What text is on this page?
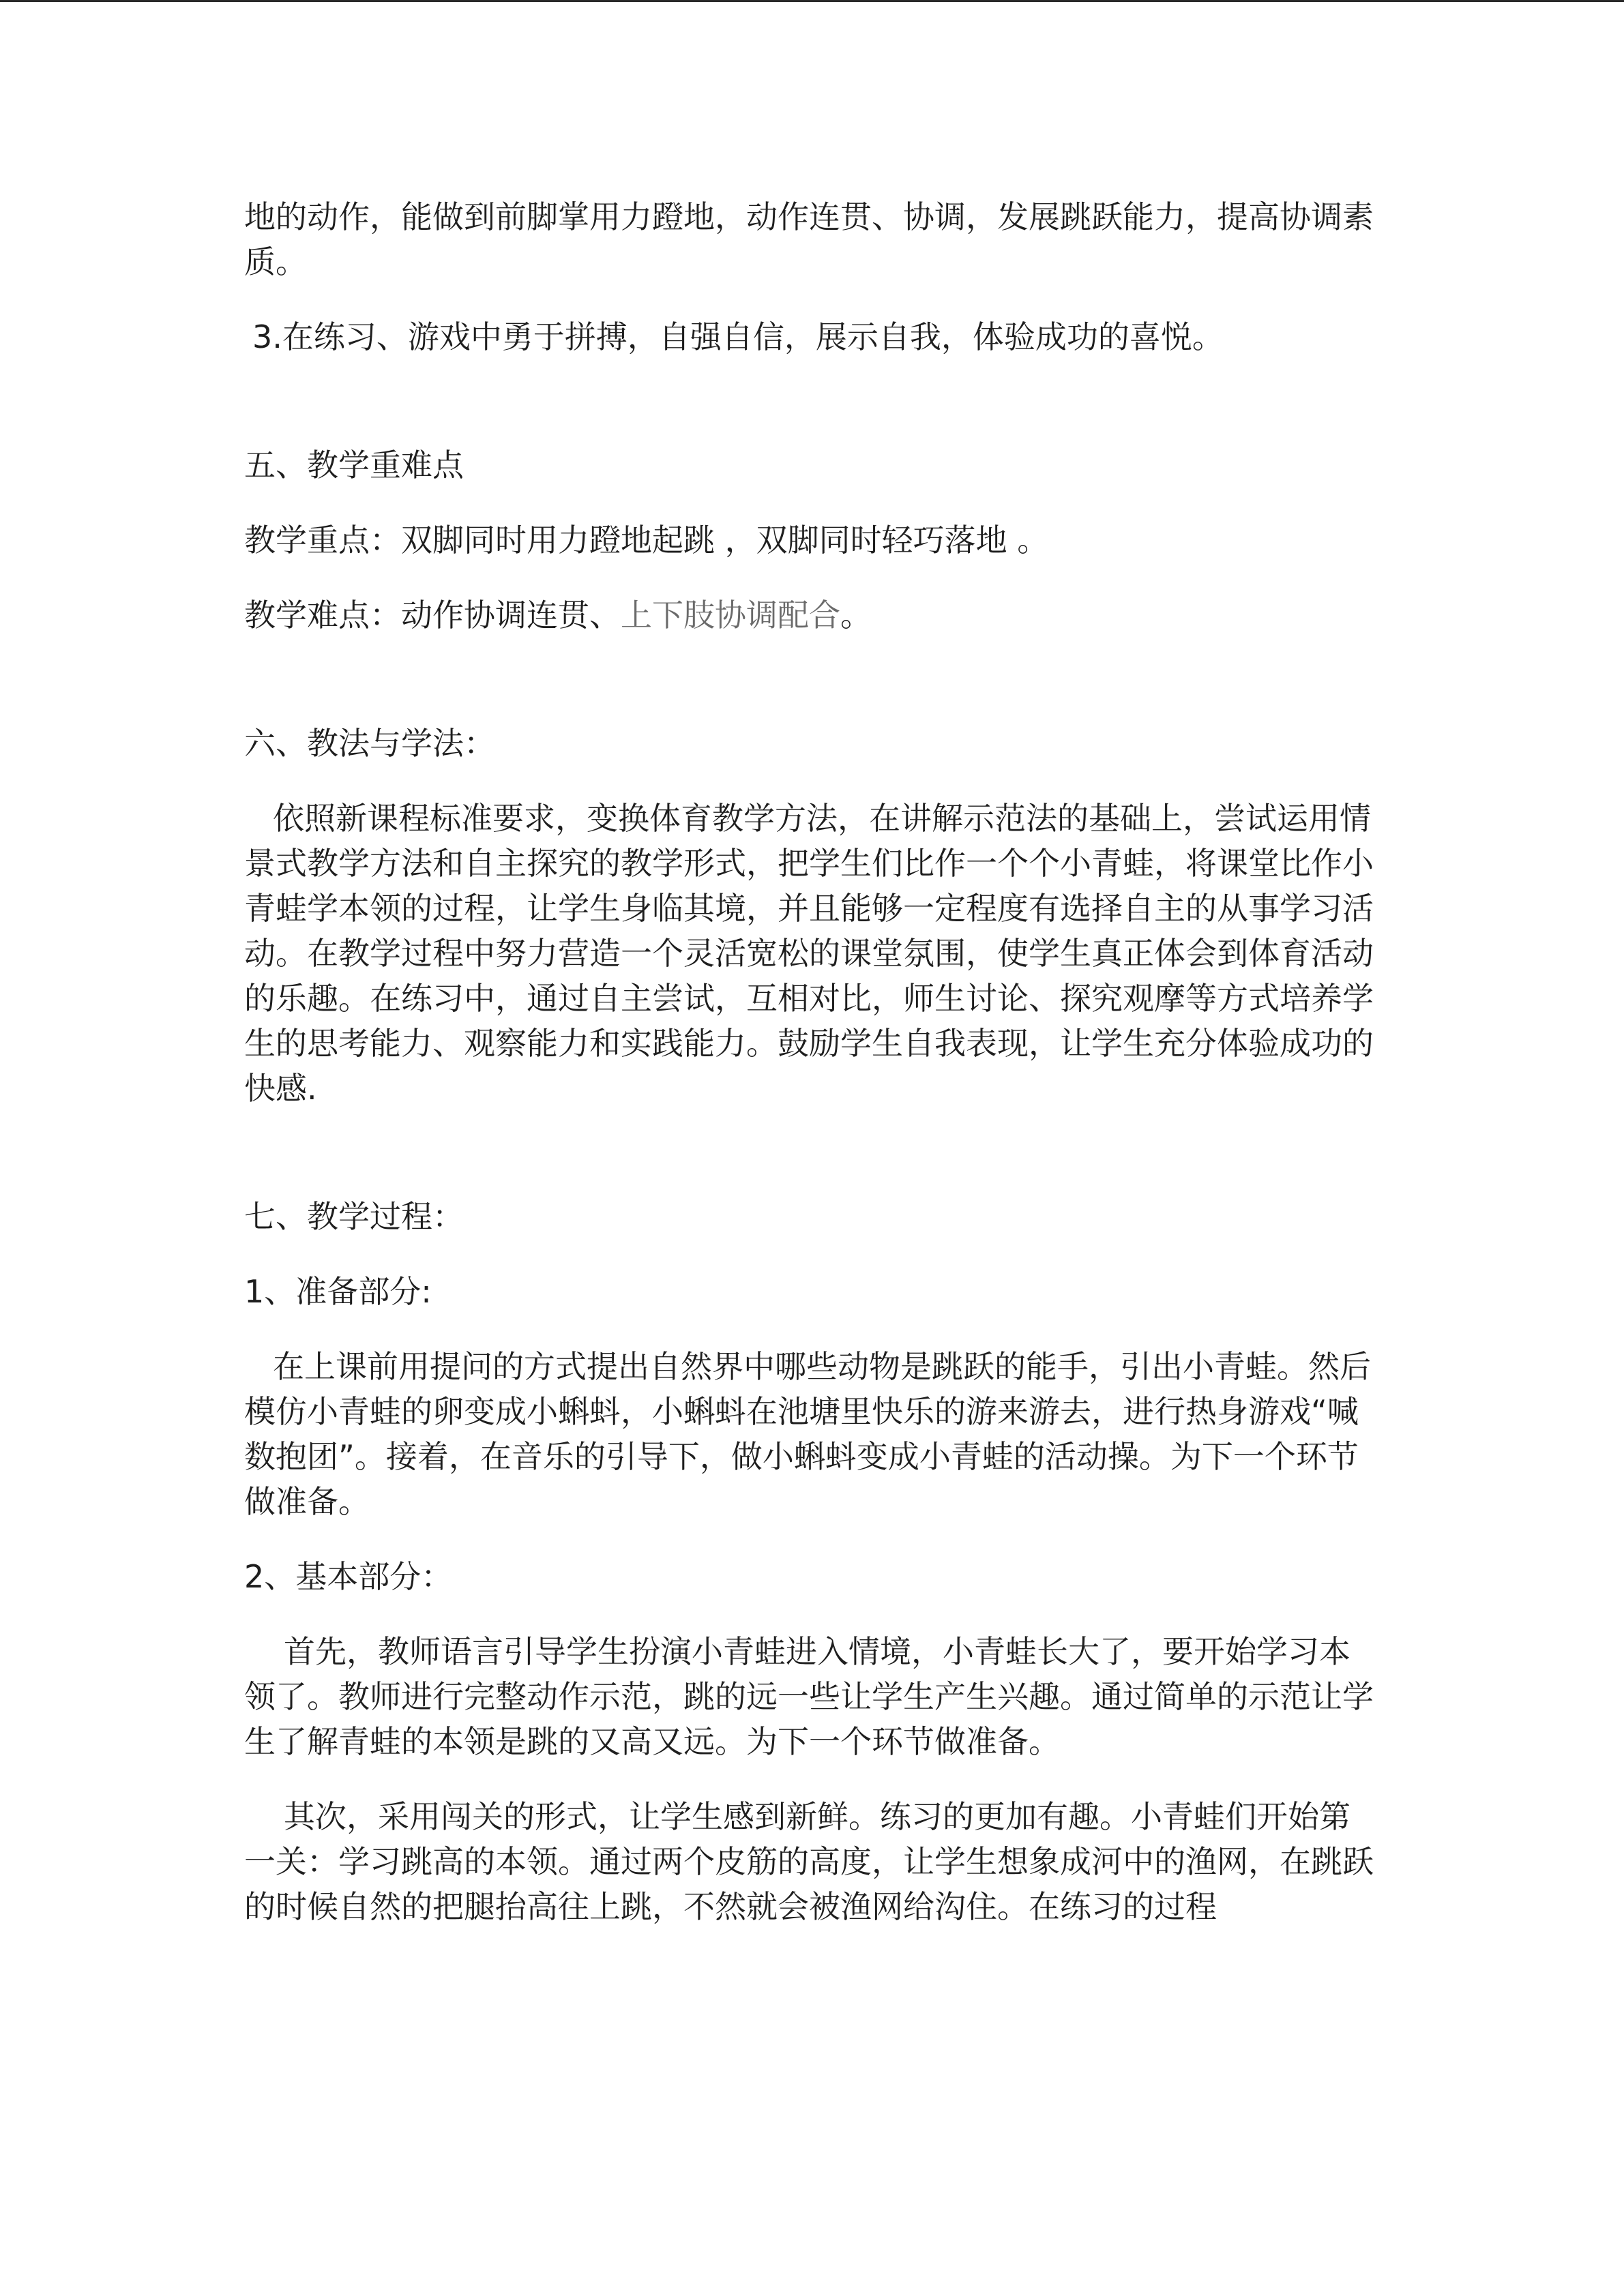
地的动作，能做到前脚掌用力蹬地，动作连贯、协调，发展跳跃能力，提高协调素质。

3.在练习、游戏中勇于拼搏，自强自信，展示自我，体验成功的喜悦。

五、教学重难点

教学重点：双脚同时用力蹬地起跳 ，双脚同时轻巧落地 。

教学难点：动作协调连贯、上下肢协调配合。

六、教法与学法：

依照新课程标准要求，变换体育教学方法，在讲解示范法的基础上，尝试运用情景式教学方法和自主探究的教学形式，把学生们比作一个个小青蛙，将课堂比作小青蛙学本领的过程，让学生身临其境，并且能够一定程度有选择自主的从事学习活动。在教学过程中努力营造一个灵活宽松的课堂氛围，使学生真正体会到体育活动的乐趣。在练习中，通过自主尝试，互相对比，师生讨论、探究观摩等方式培养学生的思考能力、观察能力和实践能力。鼓励学生自我表现，让学生充分体验成功的快感.

七、教学过程：

1、准备部分:

在上课前用提问的方式提出自然界中哪些动物是跳跃的能手，引出小青蛙。然后模仿小青蛙的卵变成小蝌蚪，小蝌蚪在池塘里快乐的游来游去，进行热身游戏“喊数抱团”。接着，在音乐的引导下，做小蝌蚪变成小青蛙的活动操。为下一个环节做准备。

2、基本部分：

首先，教师语言引导学生扮演小青蛙进入情境，小青蛙长大了，要开始学习本领了。教师进行完整动作示范，跳的远一些让学生产生兴趣。通过简单的示范让学生了解青蛙的本领是跳的又高又远。为下一个环节做准备。

其次，采用闯关的形式，让学生感到新鲜。练习的更加有趣。小青蛙们开始第一关：学习跳高的本领。通过两个皮筋的高度，让学生想象成河中的渔网，在跳跃的时候自然的把腿抬高往上跳，不然就会被渔网给沟住。在练习的过程
